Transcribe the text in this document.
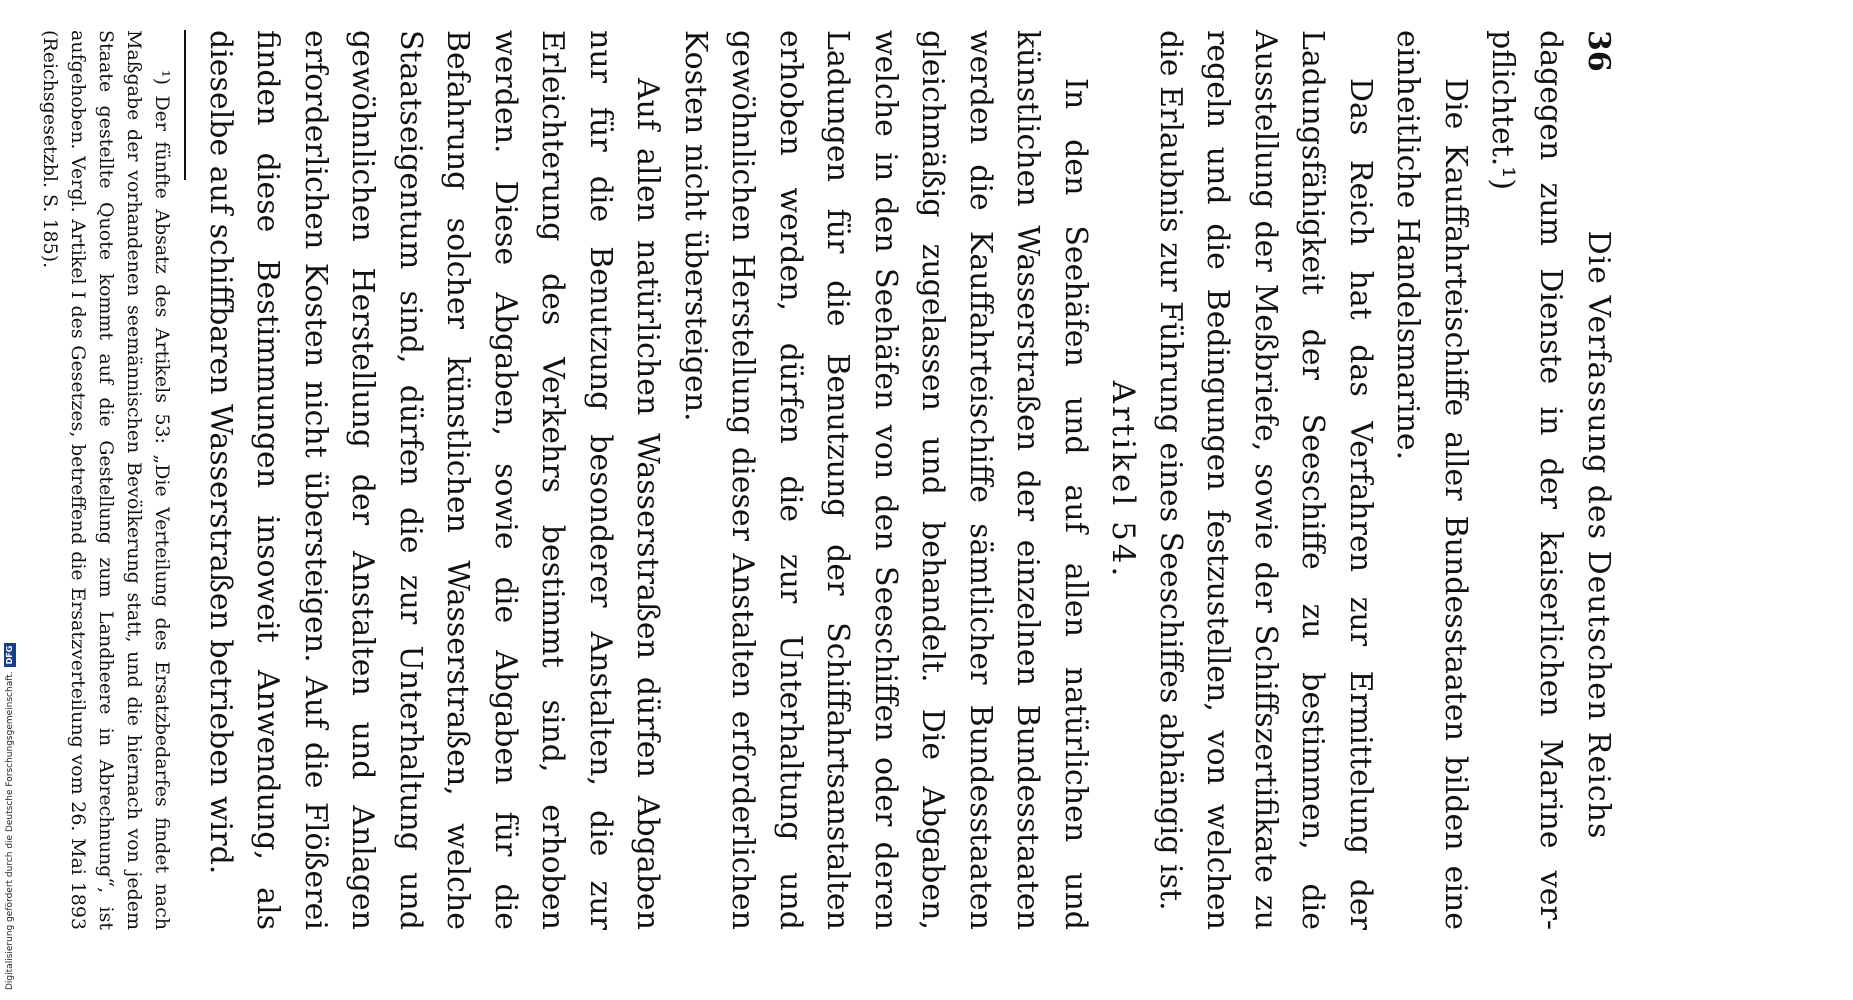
36
Die Verfassung des Deutschen Reichs

dagegen zum Dienste in der kaiserlichen Marine ver-pflichtet.¹)

Die Kauffahrteischiffe aller Bundesstaaten bilden eine einheitliche Handelsmarine.

Das Reich hat das Verfahren zur Ermittelung der Ladungsfähigkeit der Seeschiffe zu bestimmen, die Ausstellung der Meßbriefe, sowie der Schiffszertifikate zu regeln und die Bedingungen festzustellen, von welchen die Erlaubnis zur Führung eines Seeschiffes abhängig ist.

Artikel 54.

In den Seehäfen und auf allen natürlichen und künstlichen Wasserstraßen der einzelnen Bundesstaaten werden die Kauffahrteischiffe sämtlicher Bundesstaaten gleichmäßig zugelassen und behandelt. Die Abgaben, welche in den Seehäfen von den Seeschiffen oder deren Ladungen für die Benutzung der Schiffahrtsanstalten erhoben werden, dürfen die zur Unterhaltung und gewöhnlichen Herstellung dieser Anstalten erforderlichen Kosten nicht übersteigen.

Auf allen natürlichen Wasserstraßen dürfen Abgaben nur für die Benutzung besonderer Anstalten, die zur Erleichterung des Verkehrs bestimmt sind, erhoben werden. Diese Abgaben, sowie die Abgaben für die Befahrung solcher künstlichen Wasserstraßen, welche Staatseigentum sind, dürfen die zur Unterhaltung und gewöhnlichen Herstellung der Anstalten und Anlagen erforderlichen Kosten nicht übersteigen. Auf die Flößerei finden diese Bestimmungen insoweit Anwendung, als dieselbe auf schiffbaren Wasserstraßen betrieben wird.

¹) Der fünfte Absatz des Artikels 53: „Die Verteilung des Ersatzbedarfes findet nach Maßgabe der vorhandenen seemännischen Bevölkerung statt, und die hiernach von jedem Staate gestellte Quote kommt auf die Gestellung zum Landheere in Abrechnung“, ist aufgehoben. Vergl. Artikel I des Gesetzes, betreffend die Ersatzverteilung vom 26. Mai 1893 (Reichsgesetzbl. S. 185).

Digitalisierung gefördert durch die Deutsche Forschungsgemeinschaft.
DFG
